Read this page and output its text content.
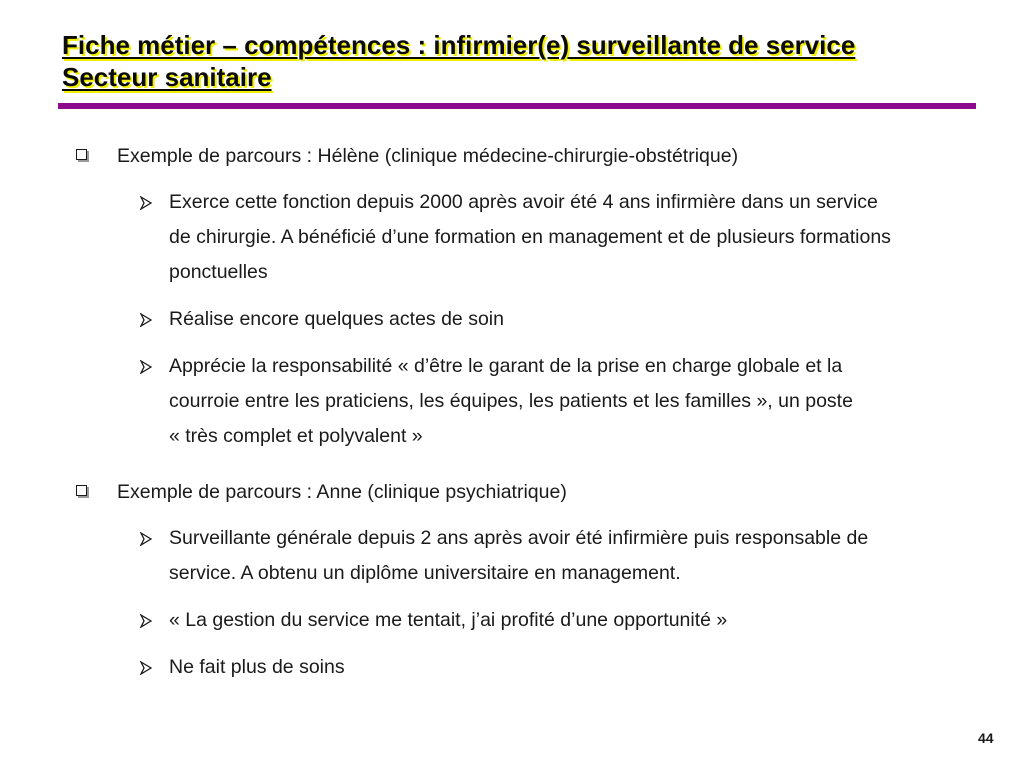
Fiche métier – compétences : infirmier(e) surveillante de service
Secteur sanitaire
Exemple de parcours : Hélène (clinique médecine-chirurgie-obstétrique)
Exerce cette fonction depuis 2000 après avoir été 4 ans infirmière dans un service
de chirurgie. A bénéficié d’une formation en management et de plusieurs formations
ponctuelles
Réalise encore quelques actes de soin
Apprécie la responsabilité « d’être le garant de la prise en charge globale et la
courroie entre les praticiens, les équipes, les patients et les familles », un poste
« très complet et polyvalent »
Exemple de parcours : Anne (clinique psychiatrique)
Surveillante générale depuis 2 ans après avoir été infirmière puis responsable de
service. A obtenu un diplôme universitaire en management.
« La gestion du service me tentait, j’ai profité d’une opportunité »
Ne fait plus de soins
44
